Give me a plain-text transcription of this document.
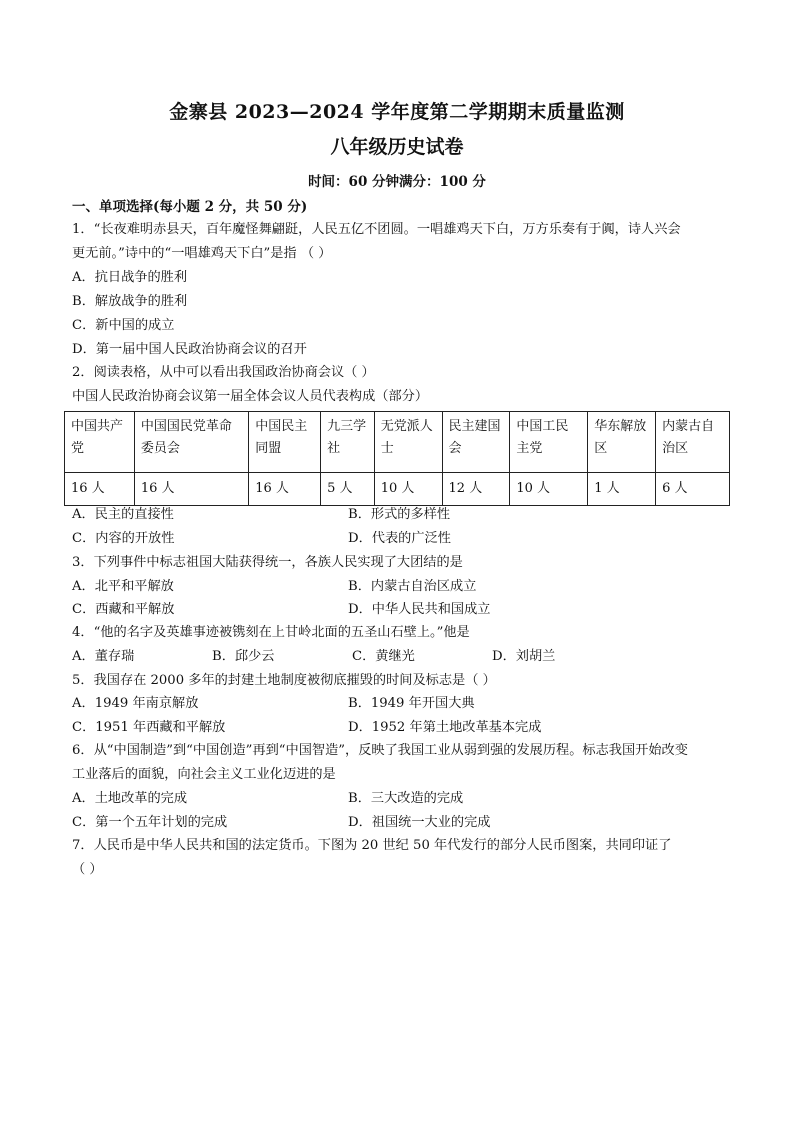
金寨县 2023—2024 学年度第二学期期末质量监测
八年级历史试卷
时间：60 分钟满分：100 分
一、单项选择(每小题 2 分，共 50 分)
1．“长夜难明赤县天，百年魔怪舞翩跹，人民五亿不团圆。一唱雄鸡天下白，万方乐奏有于阗，诗人兴会
更无前。”诗中的“一唱雄鸡天下白”是指 （ ）
A．抗日战争的胜利
B．解放战争的胜利
C．新中国的成立
D．第一届中国人民政治协商会议的召开
2．阅读表格，从中可以看出我国政治协商会议（ ）
中国人民政治协商会议第一届全体会议人员代表构成（部分）
中国共产党	中国国民党革命委员会	中国民主同盟	九三学社	无党派人士	民主建国会	中国工民主党	华东解放区	内蒙古自治区
16 人	16 人	16 人	5 人	10 人	12 人	10 人	1 人	6 人
A．民主的直接性	B．形式的多样性
C．内容的开放性	D．代表的广泛性
3．下列事件中标志祖国大陆获得统一，各族人民实现了大团结的是
A．北平和平解放	B．内蒙古自治区成立
C．西藏和平解放	D．中华人民共和国成立
4．“他的名字及英雄事迹被镌刻在上甘岭北面的五圣山石壁上。”他是
A．董存瑞	B．邱少云	C．黄继光	D．刘胡兰
5．我国存在 2000 多年的封建土地制度被彻底摧毁的时间及标志是（ ）
A．1949 年南京解放	B．1949 年开国大典
C．1951 年西藏和平解放	D．1952 年第土地改革基本完成
6．从“中国制造”到“中国创造”再到“中国智造”，反映了我国工业从弱到强的发展历程。标志我国开始改变
工业落后的面貌，向社会主义工业化迈进的是
A．土地改革的完成	B．三大改造的完成
C．第一个五年计划的完成	D．祖国统一大业的完成
7．人民币是中华人民共和国的法定货币。下图为 20 世纪 50 年代发行的部分人民币图案，共同印证了
（ ）
